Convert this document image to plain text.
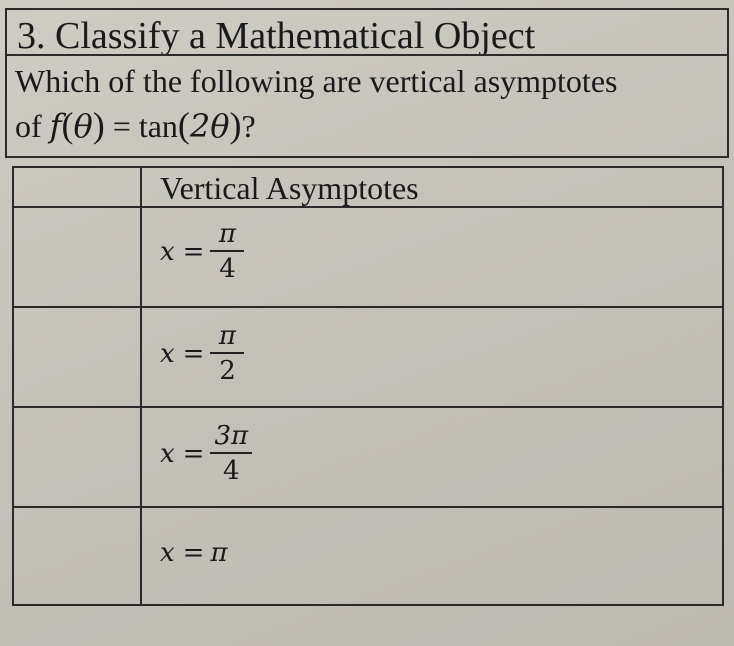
3. Classify a Mathematical Object
Which of the following are vertical asymptotes
of f(θ) = tan(2θ)?
Vertical Asymptotes
$x = \frac{\pi}{4}$
$x = \frac{\pi}{2}$
$x = \frac{3\pi}{4}$
x = π
